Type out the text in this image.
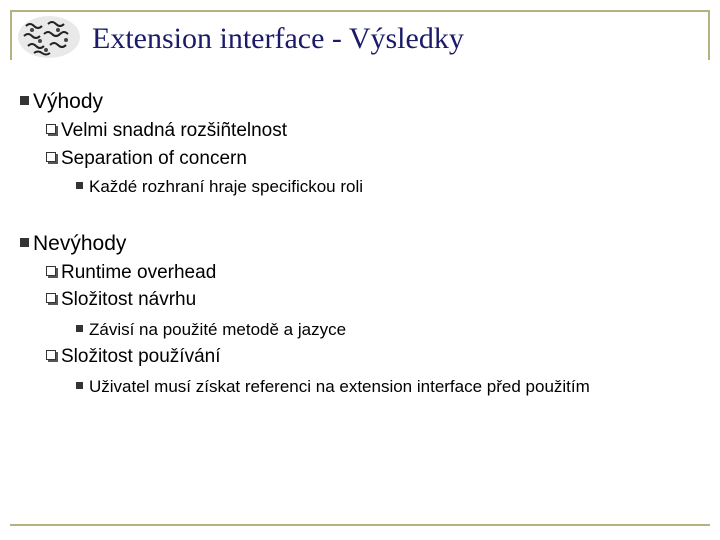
Extension interface - Výsledky
Výhody
Velmi snadná rozšiñtelnost
Separation of concern
Každé rozhraní hraje specifickou roli
Nevýhody
Runtime overhead
Složitost návrhu
Závisí na použité metodě a jazyce
Složitost používání
Uživatel musí získat referenci na extension interface před použitím
